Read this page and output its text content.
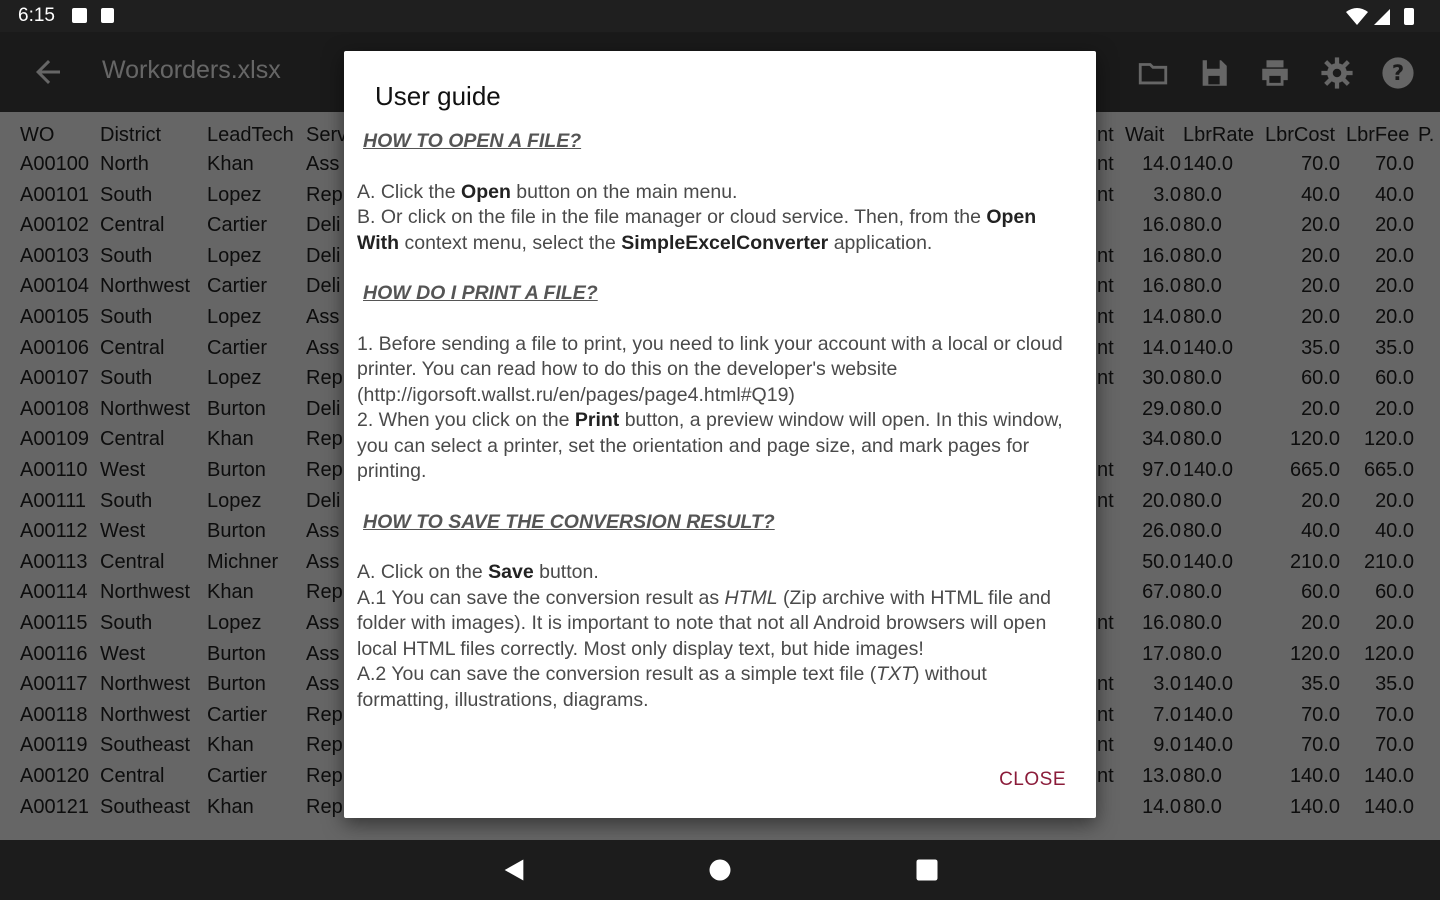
6:15
User guide
HOW TO OPEN A FILE?

A. Click the Open button on the main menu.
B. Or click on the file in the file manager or cloud service. Then, from the Open With context menu, select the SimpleExcelConverter application.

HOW DO I PRINT A FILE?

1. Before sending a file to print, you need to link your account with a local or cloud printer. You can read how to do this on the developer's website (http://igorsoft.wallst.ru/en/pages/page4.html#Q19)
2. When you click on the Print button, a preview window will open. In this window, you can select a printer, set the orientation and page size, and mark pages for printing.

HOW TO SAVE THE CONVERSION RESULT?

A. Click on the Save button.
A.1 You can save the conversion result as HTML (Zip archive with HTML file and folder with images). It is important to note that not all Android browsers will open local HTML files correctly. Most only display text, but hide images!
A.2 You can save the conversion result as a simple text file (TXT) without formatting, illustrations, diagrams.

CLOSE
